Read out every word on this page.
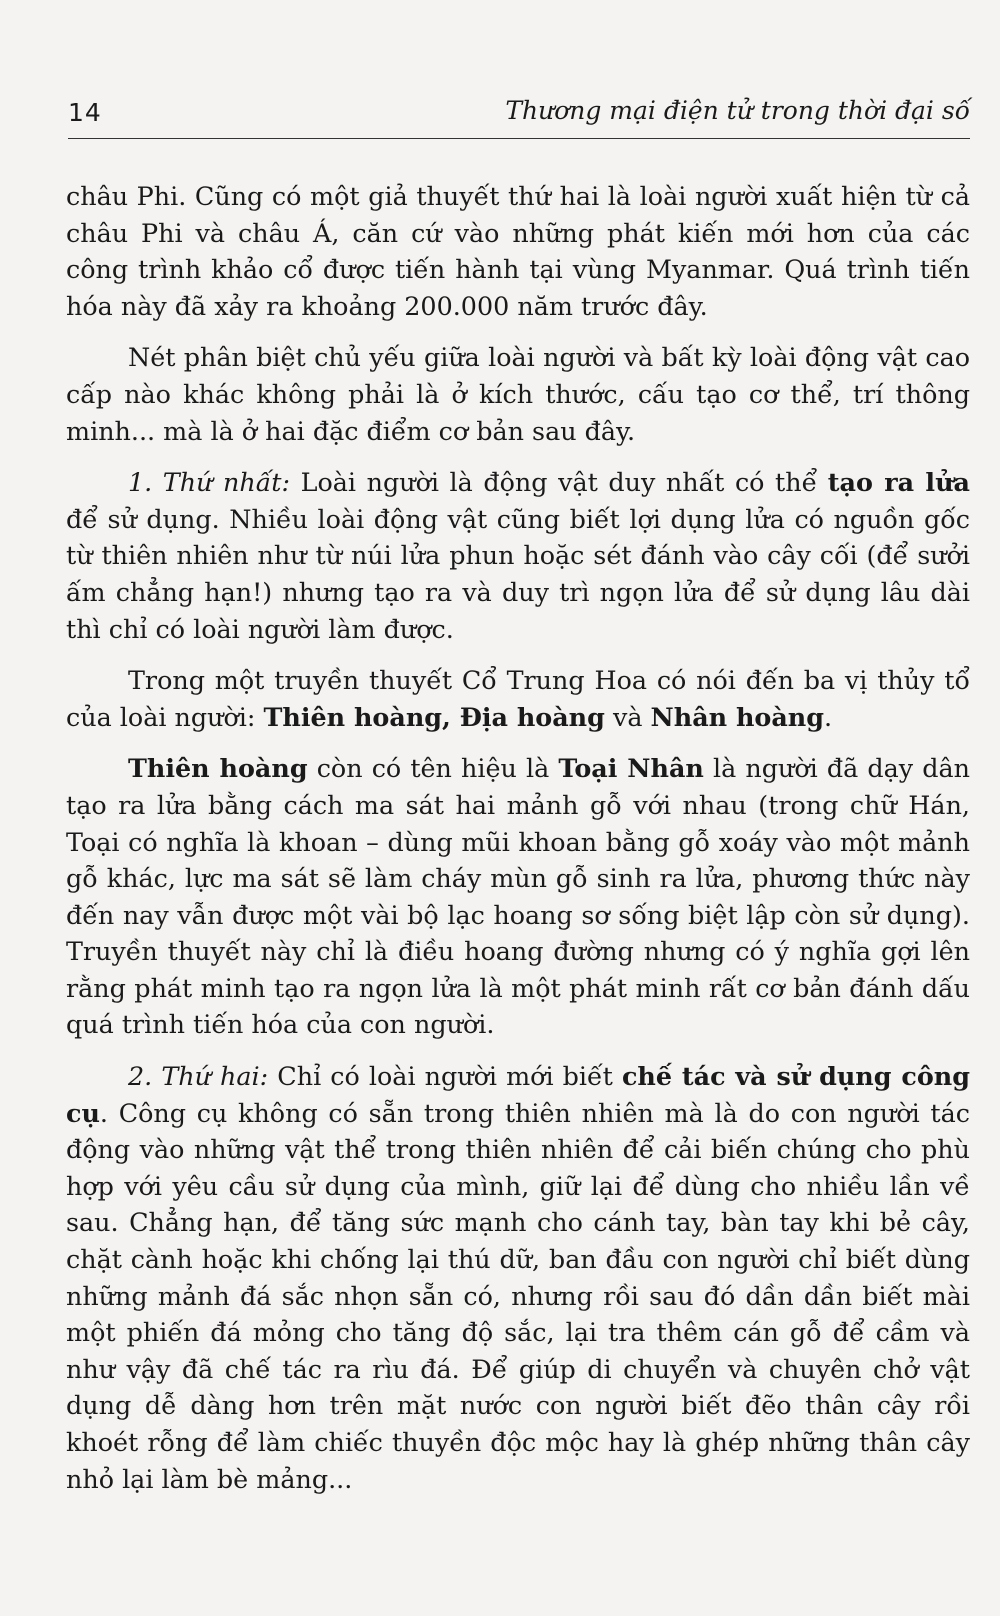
14	Thương mại điện tử trong thời đại số

châu Phi. Cũng có một giả thuyết thứ hai là loài người xuất hiện từ cả châu Phi và châu Á, căn cứ vào những phát kiến mới hơn của các công trình khảo cổ được tiến hành tại vùng Myanmar. Quá trình tiến hóa này đã xảy ra khoảng 200.000 năm trước đây.

Nét phân biệt chủ yếu giữa loài người và bất kỳ loài động vật cao cấp nào khác không phải là ở kích thước, cấu tạo cơ thể, trí thông minh... mà là ở hai đặc điểm cơ bản sau đây.

1. Thứ nhất: Loài người là động vật duy nhất có thể tạo ra lửa để sử dụng. Nhiều loài động vật cũng biết lợi dụng lửa có nguồn gốc từ thiên nhiên như từ núi lửa phun hoặc sét đánh vào cây cối (để sưởi ấm chẳng hạn!) nhưng tạo ra và duy trì ngọn lửa để sử dụng lâu dài thì chỉ có loài người làm được.

Trong một truyền thuyết Cổ Trung Hoa có nói đến ba vị thủy tổ của loài người: Thiên hoàng, Địa hoàng và Nhân hoàng.

Thiên hoàng còn có tên hiệu là Toại Nhân là người đã dạy dân tạo ra lửa bằng cách ma sát hai mảnh gỗ với nhau (trong chữ Hán, Toại có nghĩa là khoan – dùng mũi khoan bằng gỗ xoáy vào một mảnh gỗ khác, lực ma sát sẽ làm cháy mùn gỗ sinh ra lửa, phương thức này đến nay vẫn được một vài bộ lạc hoang sơ sống biệt lập còn sử dụng). Truyền thuyết này chỉ là điều hoang đường nhưng có ý nghĩa gợi lên rằng phát minh tạo ra ngọn lửa là một phát minh rất cơ bản đánh dấu quá trình tiến hóa của con người.

2. Thứ hai: Chỉ có loài người mới biết chế tác và sử dụng công cụ. Công cụ không có sẵn trong thiên nhiên mà là do con người tác động vào những vật thể trong thiên nhiên để cải biến chúng cho phù hợp với yêu cầu sử dụng của mình, giữ lại để dùng cho nhiều lần về sau. Chẳng hạn, để tăng sức mạnh cho cánh tay, bàn tay khi bẻ cây, chặt cành hoặc khi chống lại thú dữ, ban đầu con người chỉ biết dùng những mảnh đá sắc nhọn sẵn có, nhưng rồi sau đó dần dần biết mài một phiến đá mỏng cho tăng độ sắc, lại tra thêm cán gỗ để cầm và như vậy đã chế tác ra rìu đá. Để giúp di chuyển và chuyên chở vật dụng dễ dàng hơn trên mặt nước con người biết đẽo thân cây rồi khoét rỗng để làm chiếc thuyền độc mộc hay là ghép những thân cây nhỏ lại làm bè mảng...
